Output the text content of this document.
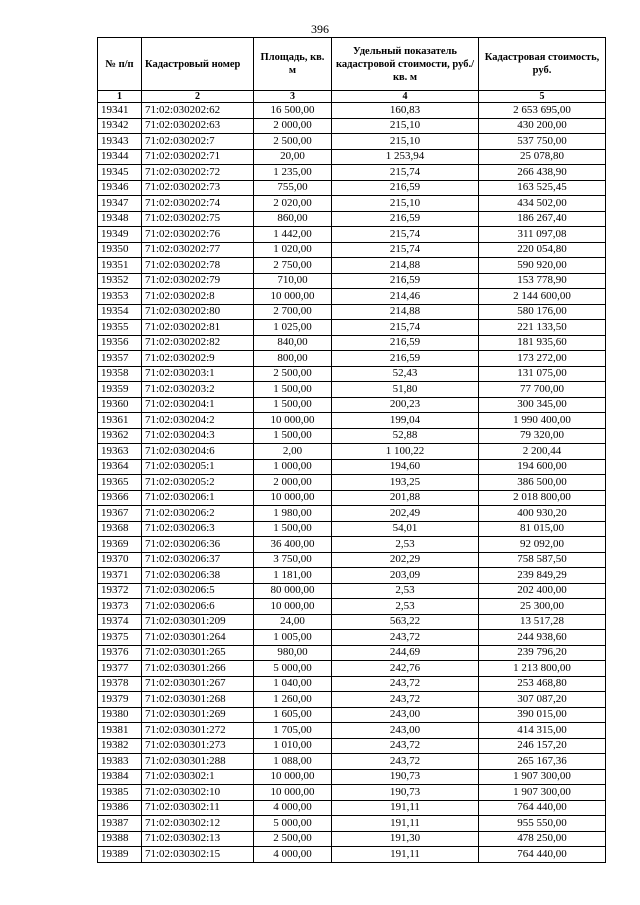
396
№ п/п	Кадастровый номер	Площадь, кв. м	Удельный показатель кадастровой стоимости, руб./кв. м	Кадастровая стоимость, руб.
1	2	3	4	5
19341	71:02:030202:62	16 500,00	160,83	2 653 695,00
19342	71:02:030202:63	2 000,00	215,10	430 200,00
19343	71:02:030202:7	2 500,00	215,10	537 750,00
19344	71:02:030202:71	20,00	1 253,94	25 078,80
19345	71:02:030202:72	1 235,00	215,74	266 438,90
19346	71:02:030202:73	755,00	216,59	163 525,45
19347	71:02:030202:74	2 020,00	215,10	434 502,00
19348	71:02:030202:75	860,00	216,59	186 267,40
19349	71:02:030202:76	1 442,00	215,74	311 097,08
19350	71:02:030202:77	1 020,00	215,74	220 054,80
19351	71:02:030202:78	2 750,00	214,88	590 920,00
19352	71:02:030202:79	710,00	216,59	153 778,90
19353	71:02:030202:8	10 000,00	214,46	2 144 600,00
19354	71:02:030202:80	2 700,00	214,88	580 176,00
19355	71:02:030202:81	1 025,00	215,74	221 133,50
19356	71:02:030202:82	840,00	216,59	181 935,60
19357	71:02:030202:9	800,00	216,59	173 272,00
19358	71:02:030203:1	2 500,00	52,43	131 075,00
19359	71:02:030203:2	1 500,00	51,80	77 700,00
19360	71:02:030204:1	1 500,00	200,23	300 345,00
19361	71:02:030204:2	10 000,00	199,04	1 990 400,00
19362	71:02:030204:3	1 500,00	52,88	79 320,00
19363	71:02:030204:6	2,00	1 100,22	2 200,44
19364	71:02:030205:1	1 000,00	194,60	194 600,00
19365	71:02:030205:2	2 000,00	193,25	386 500,00
19366	71:02:030206:1	10 000,00	201,88	2 018 800,00
19367	71:02:030206:2	1 980,00	202,49	400 930,20
19368	71:02:030206:3	1 500,00	54,01	81 015,00
19369	71:02:030206:36	36 400,00	2,53	92 092,00
19370	71:02:030206:37	3 750,00	202,29	758 587,50
19371	71:02:030206:38	1 181,00	203,09	239 849,29
19372	71:02:030206:5	80 000,00	2,53	202 400,00
19373	71:02:030206:6	10 000,00	2,53	25 300,00
19374	71:02:030301:209	24,00	563,22	13 517,28
19375	71:02:030301:264	1 005,00	243,72	244 938,60
19376	71:02:030301:265	980,00	244,69	239 796,20
19377	71:02:030301:266	5 000,00	242,76	1 213 800,00
19378	71:02:030301:267	1 040,00	243,72	253 468,80
19379	71:02:030301:268	1 260,00	243,72	307 087,20
19380	71:02:030301:269	1 605,00	243,00	390 015,00
19381	71:02:030301:272	1 705,00	243,00	414 315,00
19382	71:02:030301:273	1 010,00	243,72	246 157,20
19383	71:02:030301:288	1 088,00	243,72	265 167,36
19384	71:02:030302:1	10 000,00	190,73	1 907 300,00
19385	71:02:030302:10	10 000,00	190,73	1 907 300,00
19386	71:02:030302:11	4 000,00	191,11	764 440,00
19387	71:02:030302:12	5 000,00	191,11	955 550,00
19388	71:02:030302:13	2 500,00	191,30	478 250,00
19389	71:02:030302:15	4 000,00	191,11	764 440,00
